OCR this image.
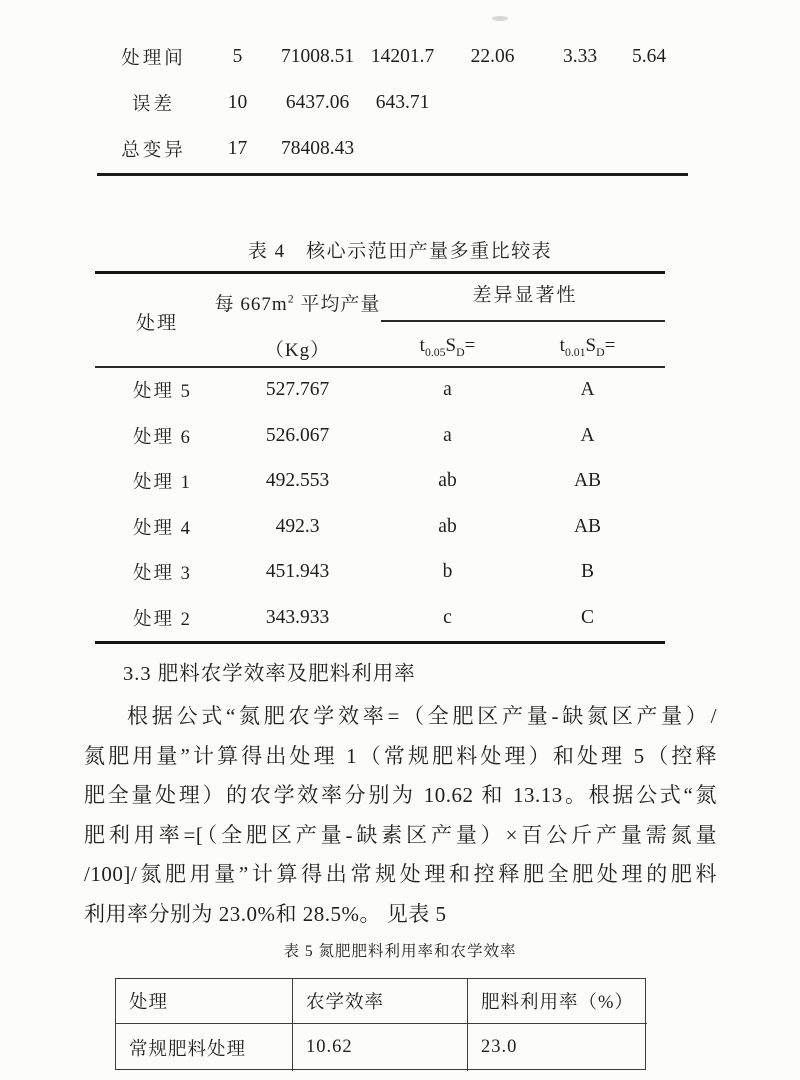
处理间	5	71008.51 14201.7	22.06	3.33	5.64
误差	10	6437.06	643.71
总变异	17	78408.43
表 4　核心示范田产量多重比较表
处理
每 $667m^2$ 平均产量
（Kg）
差异显著性
$t_{0.05}S_D=$	$t_{0.01}S_D=$
处理 5	527.767	a	A
处理 6	526.067	a	A
处理 1	492.553	ab	AB
处理 4	492.3	ab	AB
处理 3	451.943	b	B
处理 2	343.933	c	C
3.3 肥料农学效率及肥料利用率
根据公式“氮肥农学效率=（全肥区产量-缺氮区产量）/
氮肥用量”计算得出处理 1（常规肥料处理）和处理 5（控释
肥全量处理）的农学效率分别为 10.62 和 13.13。根据公式“氮
肥利用率=[（全肥区产量-缺素区产量）×百公斤产量需氮量
/100]/氮肥用量”计算得出常规处理和控释肥全肥处理的肥料
利用率分别为 23.0%和 28.5%。 见表 5
表 5 氮肥肥料利用率和农学效率
处理	农学效率	肥料利用率（%）
常规肥料处理	10.62	23.0
